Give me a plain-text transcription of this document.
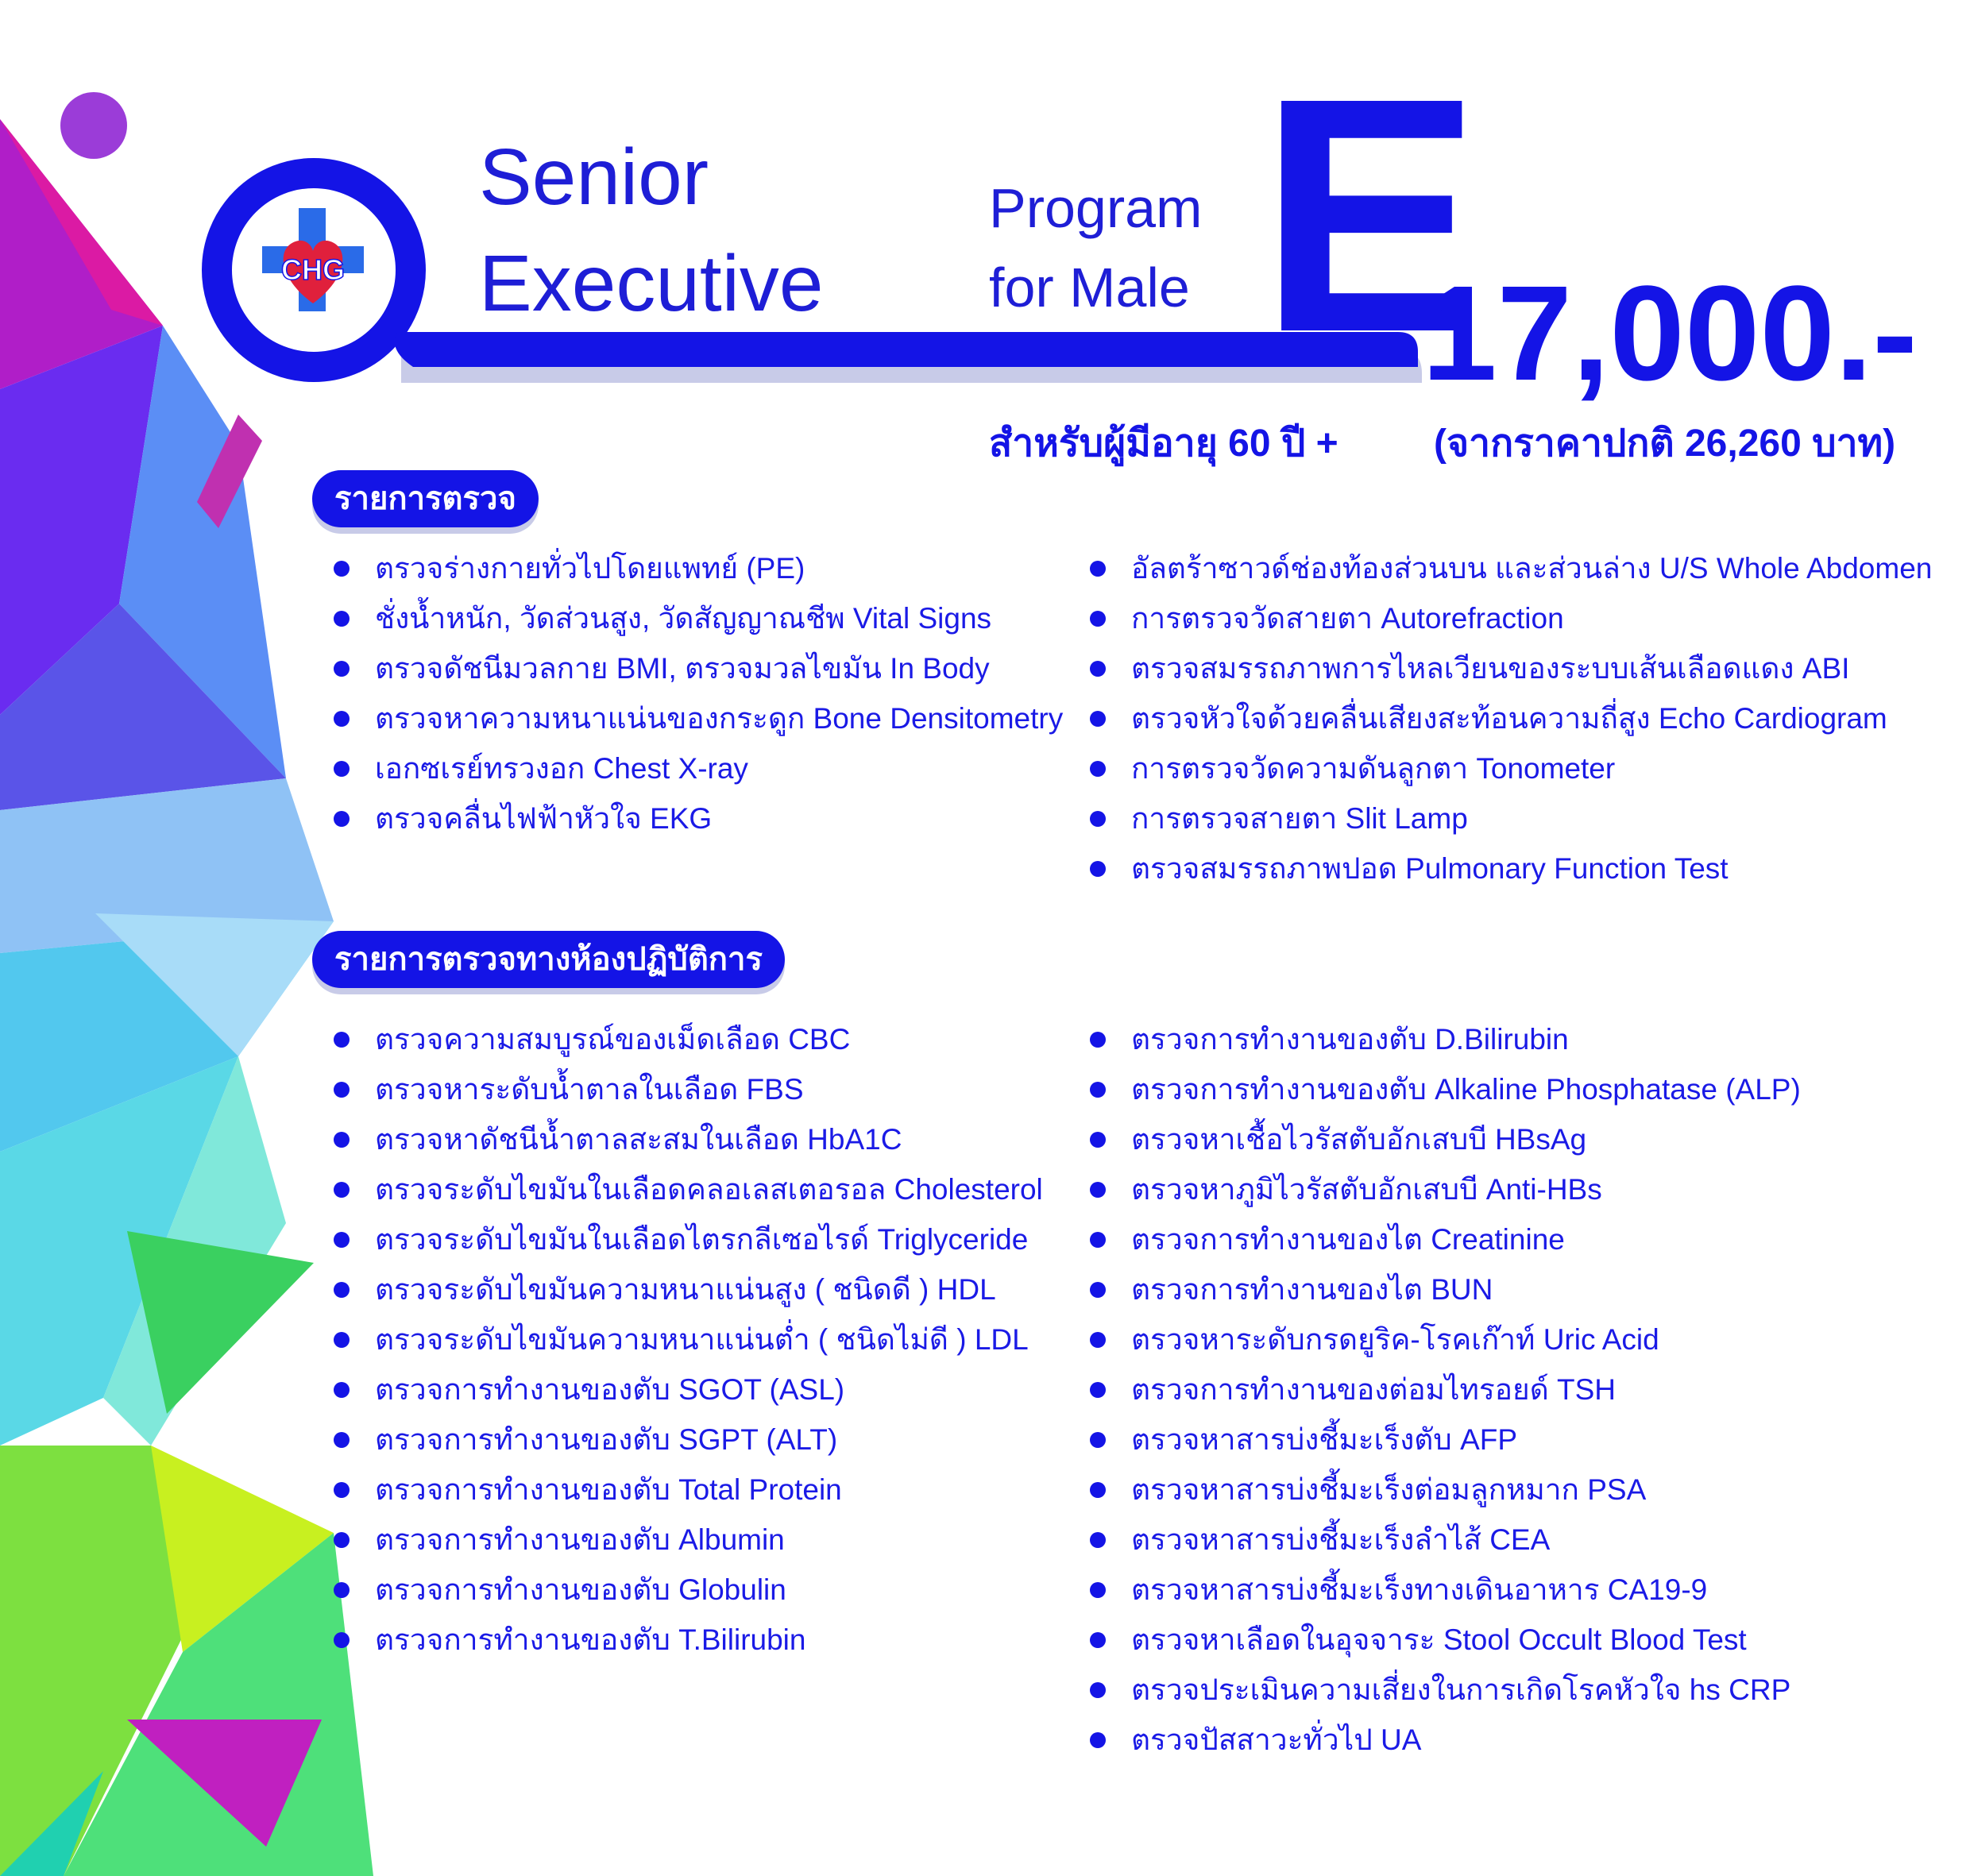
CHG
Senior
Executive
Program
for Male E
17,000.-
สำหรับผู้มีอายุ 60 ปี +	(จากราคาปกติ 26,260 บาท)
รายการตรวจ
ตรวจร่างกายทั่วไปโดยแพทย์ (PE)
ชั่งน้ำหนัก, วัดส่วนสูง, วัดสัญญาณชีพ Vital Signs
ตรวจดัชนีมวลกาย BMI, ตรวจมวลไขมัน In Body
ตรวจหาความหนาแน่นของกระดูก Bone Densitometry
เอกซเรย์ทรวงอก Chest X-ray
ตรวจคลื่นไฟฟ้าหัวใจ EKG
อัลตร้าซาวด์ช่องท้องส่วนบน และส่วนล่าง U/S Whole Abdomen
การตรวจวัดสายตา Autorefraction
ตรวจสมรรถภาพการไหลเวียนของระบบเส้นเลือดแดง ABI
ตรวจหัวใจด้วยคลื่นเสียงสะท้อนความถี่สูง Echo Cardiogram
การตรวจวัดความดันลูกตา Tonometer
การตรวจสายตา Slit Lamp
ตรวจสมรรถภาพปอด Pulmonary Function Test
รายการตรวจทางห้องปฏิบัติการ
ตรวจความสมบูรณ์ของเม็ดเลือด CBC
ตรวจหาระดับน้ำตาลในเลือด FBS
ตรวจหาดัชนีน้ำตาลสะสมในเลือด HbA1C
ตรวจระดับไขมันในเลือดคลอเลสเตอรอล Cholesterol
ตรวจระดับไขมันในเลือดไตรกลีเซอไรด์ Triglyceride
ตรวจระดับไขมันความหนาแน่นสูง ( ชนิดดี ) HDL
ตรวจระดับไขมันความหนาแน่นต่ำ ( ชนิดไม่ดี ) LDL
ตรวจการทำงานของตับ SGOT (ASL)
ตรวจการทำงานของตับ SGPT (ALT)
ตรวจการทำงานของตับ Total Protein
ตรวจการทำงานของตับ Albumin
ตรวจการทำงานของตับ Globulin
ตรวจการทำงานของตับ T.Bilirubin
ตรวจการทำงานของตับ D.Bilirubin
ตรวจการทำงานของตับ Alkaline Phosphatase (ALP)
ตรวจหาเชื้อไวรัสตับอักเสบบี HBsAg
ตรวจหาภูมิไวรัสตับอักเสบบี Anti-HBs
ตรวจการทำงานของไต Creatinine
ตรวจการทำงานของไต BUN
ตรวจหาระดับกรดยูริค-โรคเก๊าท์ Uric Acid
ตรวจการทำงานของต่อมไทรอยด์ TSH
ตรวจหาสารบ่งชี้มะเร็งตับ AFP
ตรวจหาสารบ่งชี้มะเร็งต่อมลูกหมาก PSA
ตรวจหาสารบ่งชี้มะเร็งลำไส้ CEA
ตรวจหาสารบ่งชี้มะเร็งทางเดินอาหาร CA19-9
ตรวจหาเลือดในอุจจาระ Stool Occult Blood Test
ตรวจประเมินความเสี่ยงในการเกิดโรคหัวใจ hs CRP
ตรวจปัสสาวะทั่วไป UA
